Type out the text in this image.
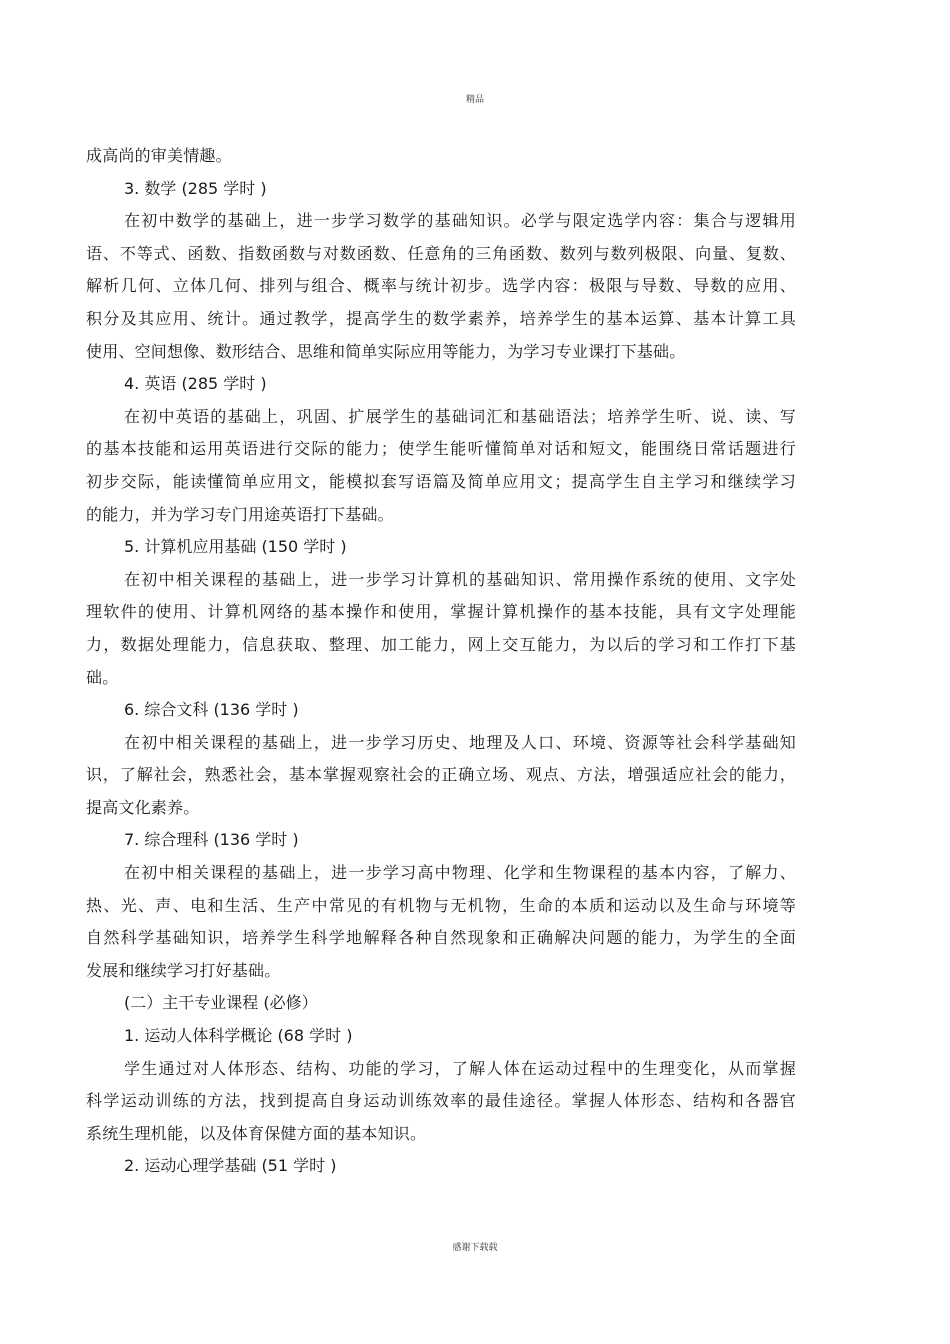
精品
成高尚的审美情趣。
3. 数学 (285 学时 )
在初中数学的基础上，进一步学习数学的基础知识。必学与限定选学内容：集合与逻辑用
语、不等式、函数、指数函数与对数函数、任意角的三角函数、数列与数列极限、向量、复数、
解析几何、立体几何、排列与组合、概率与统计初步。选学内容：极限与导数、导数的应用、
积分及其应用、统计。通过教学，提高学生的数学素养，培养学生的基本运算、基本计算工具
使用、空间想像、数形结合、思维和简单实际应用等能力，为学习专业课打下基础。
4. 英语 (285 学时 )
在初中英语的基础上，巩固、扩展学生的基础词汇和基础语法；培养学生听、说、读、写
的基本技能和运用英语进行交际的能力；使学生能听懂简单对话和短文，能围绕日常话题进行
初步交际，能读懂简单应用文，能模拟套写语篇及简单应用文；提高学生自主学习和继续学习
的能力，并为学习专门用途英语打下基础。
5. 计算机应用基础 (150 学时 )
在初中相关课程的基础上，进一步学习计算机的基础知识、常用操作系统的使用、文字处
理软件的使用、计算机网络的基本操作和使用，掌握计算机操作的基本技能，具有文字处理能
力，数据处理能力，信息获取、整理、加工能力，网上交互能力，为以后的学习和工作打下基
础。
6. 综合文科 (136 学时 )
在初中相关课程的基础上，进一步学习历史、地理及人口、环境、资源等社会科学基础知
识，了解社会，熟悉社会，基本掌握观察社会的正确立场、观点、方法，增强适应社会的能力，
提高文化素养。
7. 综合理科 (136 学时 )
在初中相关课程的基础上，进一步学习高中物理、化学和生物课程的基本内容，了解力、
热、光、声、电和生活、生产中常见的有机物与无机物，生命的本质和运动以及生命与环境等
自然科学基础知识，培养学生科学地解释各种自然现象和正确解决问题的能力，为学生的全面
发展和继续学习打好基础。
(二）主干专业课程 (必修）
1. 运动人体科学概论 (68 学时 )
学生通过对人体形态、结构、功能的学习，了解人体在运动过程中的生理变化，从而掌握
科学运动训练的方法，找到提高自身运动训练效率的最佳途径。掌握人体形态、结构和各器官
系统生理机能，以及体育保健方面的基本知识。
2. 运动心理学基础 (51 学时 )
感谢下载载
